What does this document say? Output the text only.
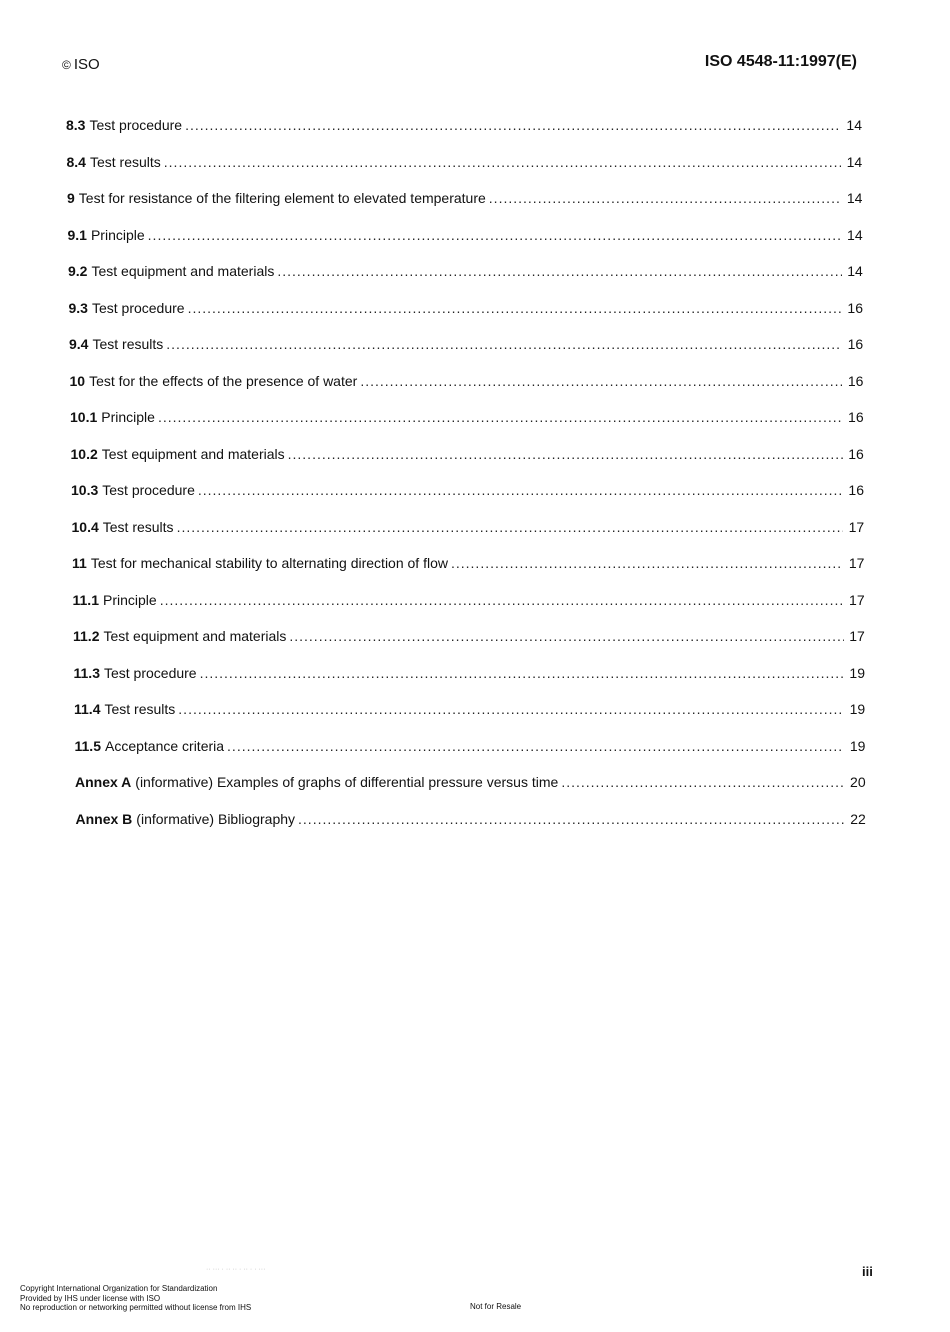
© ISO	ISO 4548-11:1997(E)
8.3 Test procedure .....	14
8.4 Test results .....	14
9 Test for resistance of the filtering element to elevated temperature .....	14
9.1 Principle .....	14
9.2 Test equipment and materials .....	14
9.3 Test procedure .....	16
9.4 Test results .....	16
10 Test for the effects of the presence of water .....	16
10.1 Principle .....	16
10.2 Test equipment and materials .....	16
10.3 Test procedure .....	16
10.4 Test results .....	17
11 Test for mechanical stability to alternating direction of flow .....	17
11.1 Principle .....	17
11.2 Test equipment and materials .....	17
11.3 Test procedure .....	19
11.4 Test results .....	19
11.5 Acceptance criteria .....	19
Annex A (informative) Examples of graphs of differential pressure versus time .....	20
Annex B (informative) Bibliography .....	22
·· ··· · ·· ·· · ·· · · ···	iii
Copyright International Organization for Standardization
Provided by IHS under license with ISO
No reproduction or networking permitted without license from IHS	Not for Resale
